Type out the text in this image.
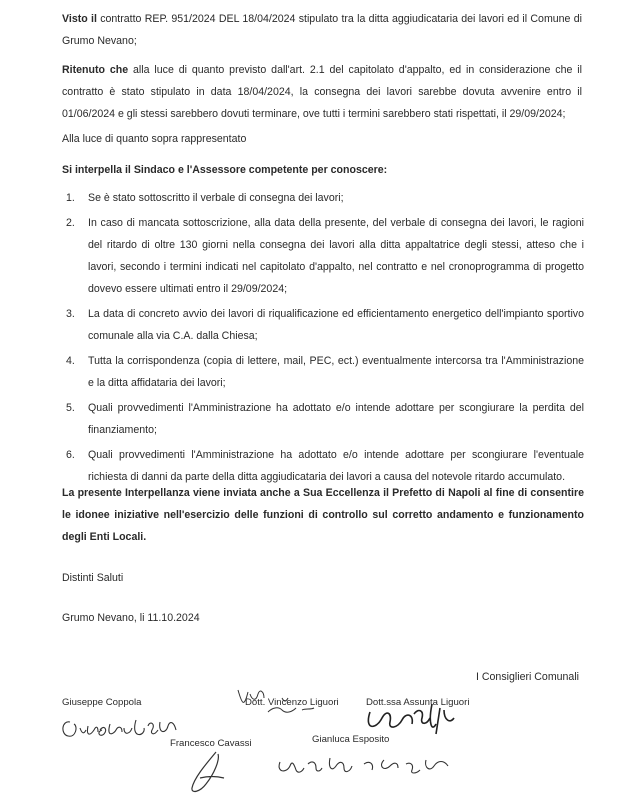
Visto il contratto REP. 951/2024 DEL 18/04/2024 stipulato tra la ditta aggiudicataria dei lavori ed il Comune di Grumo Nevano;

Ritenuto che alla luce di quanto previsto dall'art. 2.1 del capitolato d'appalto, ed in considerazione che il contratto è stato stipulato in data 18/04/2024, la consegna dei lavori sarebbe dovuta avvenire entro il 01/06/2024 e gli stessi sarebbero dovuti terminare, ove tutti i termini sarebbero stati rispettati, il 29/09/2024;

Alla luce di quanto sopra rappresentato
Si interpella il Sindaco e l'Assessore competente per conoscere:
1. Se è stato sottoscritto il verbale di consegna dei lavori;
2. In caso di mancata sottoscrizione, alla data della presente, del verbale di consegna dei lavori, le ragioni del ritardo di oltre 130 giorni nella consegna dei lavori alla ditta appaltatrice degli stessi, atteso che i lavori, secondo i termini indicati nel capitolato d'appalto, nel contratto e nel cronoprogramma di progetto dovevo essere ultimati entro il 29/09/2024;
3. La data di concreto avvio dei lavori di riqualificazione ed efficientamento energetico dell'impianto sportivo comunale alla via C.A. dalla Chiesa;
4. Tutta la corrispondenza (copia di lettere, mail, PEC, ect.) eventualmente intercorsa tra l'Amministrazione e la ditta affidataria dei lavori;
5. Quali provvedimenti l'Amministrazione ha adottato e/o intende adottare per scongiurare la perdita del finanziamento;
6. Quali provvedimenti l'Amministrazione ha adottato e/o intende adottare per scongiurare l'eventuale richiesta di danni da parte della ditta aggiudicataria dei lavori a causa del notevole ritardo accumulato.

La presente Interpellanza viene inviata anche a Sua Eccellenza il Prefetto di Napoli al fine di consentire le idonee iniziative nell'esercizio delle funzioni di controllo sul corretto andamento e funzionamento degli Enti Locali.

Distinti Saluti
Grumo Nevano, li 11.10.2024
I Consiglieri Comunali
Giuseppe Coppola	Dott. Vincenzo Liguori	Dott.ssa Assunta Liguori
Francesco Cavassi	Gianluca Esposito
